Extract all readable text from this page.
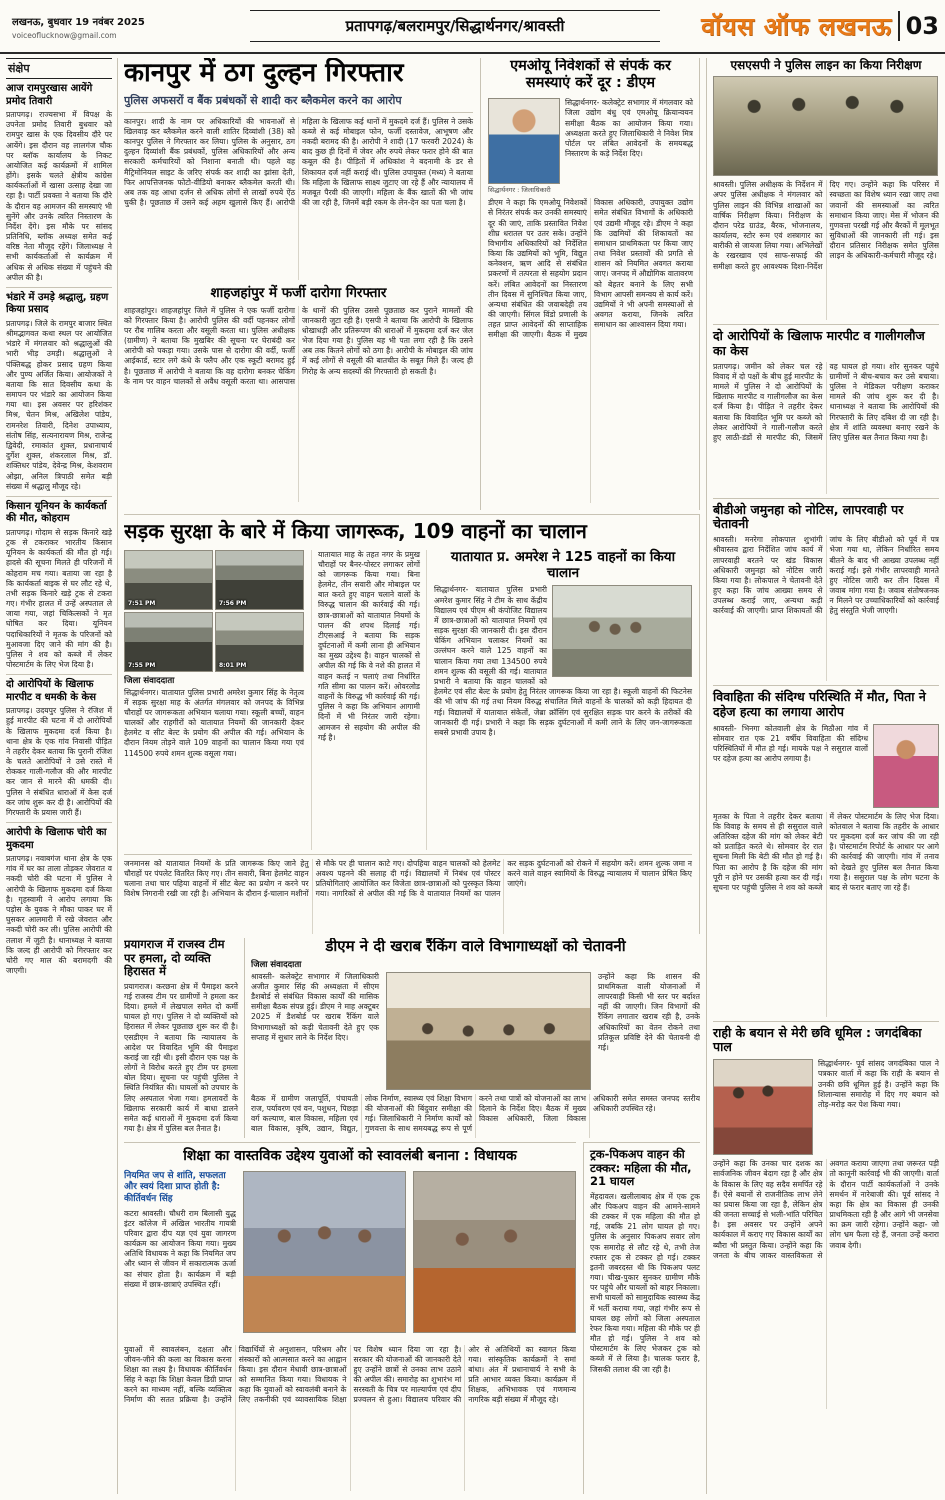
लखनऊ, बुधवार 19 नवंबर 2025
voiceoflucknow@gmail.com
प्रतापगढ़/बलरामपुर/सिद्धार्थनगर/श्रावस्ती	वॉयस ऑफ लखनऊ 03
संक्षेप
आज रामपुरखास आयेंगे प्रमोद तिवारी

प्रतापगढ़। राज्यसभा में विपक्ष के उपनेता प्रमोद तिवारी बुधवार को रामपुर खास के एक दिवसीय दौरे पर आयेंगे। इस दौरान वह लालगंज चौक पर ब्लॉक कार्यालय के निकट आयोजित कई कार्यक्रमों में शामिल होंगे। इसके चलते क्षेत्रीय कांग्रेस कार्यकर्ताओं में खासा उत्साह देखा जा रहा है। पार्टी प्रवक्ता ने बताया कि दौरे के दौरान वह आमजन की समस्याएं भी सुनेंगे और उनके त्वरित निस्तारण के निर्देश देंगे। इस मौके पर सांसद प्रतिनिधि, ब्लॉक अध्यक्ष समेत कई वरिष्ठ नेता मौजूद रहेंगे। जिलाध्यक्ष ने सभी कार्यकर्ताओं से कार्यक्रम में अधिक से अधिक संख्या में पहुंचने की अपील की है।

भंडारे में उमड़े श्रद्धालु, ग्रहण किया प्रसाद

प्रतापगढ़। जिले के रामपुर बाजार स्थित श्रीमद्भागवत कथा स्थल पर आयोजित भंडारे में मंगलवार को श्रद्धालुओं की भारी भीड़ उमड़ी। श्रद्धालुओं ने पंक्तिबद्ध होकर प्रसाद ग्रहण किया और पुण्य अर्जित किया। आयोजकों ने बताया कि सात दिवसीय कथा के समापन पर भंडारे का आयोजन किया गया था। इस अवसर पर हरिशंकर मिश्र, चेतन मिश्र, अखिलेश पांडेय, रामनरेश तिवारी, दिनेश उपाध्याय, संतोष सिंह, सत्यनारायण मिश्र, राजेन्द्र द्विवेदी, रमाकांत शुक्ल, प्रधानाचार्य दुर्गेश शुक्ल, शंकरलाल मिश्र, डॉ. शक्तिधर पांडेय, देवेन्द्र मिश्र, केशवराम ओझा, अनिल त्रिपाठी समेत बड़ी संख्या में श्रद्धालु मौजूद रहे।

किसान यूनियन के कार्यकर्ता की मौत, कोहराम

प्रतापगढ़। गोदाम से सड़क किनारे खड़े ट्रक से टकराकर भारतीय किसान यूनियन के कार्यकर्ता की मौत हो गई। हादसे की सूचना मिलते ही परिजनों में कोहराम मच गया। बताया जा रहा है कि कार्यकर्ता बाइक से घर लौट रहे थे, तभी सड़क किनारे खड़े ट्रक से टकरा गए। गंभीर हालत में उन्हें अस्पताल ले जाया गया, जहां चिकित्सकों ने मृत घोषित कर दिया। यूनियन पदाधिकारियों ने मृतक के परिजनों को मुआवजा दिए जाने की मांग की है। पुलिस ने शव को कब्जे में लेकर पोस्टमार्टम के लिए भेज दिया है।

दो आरोपियों के खिलाफ मारपीट व धमकी के केस

प्रतापगढ़। उदयपुर पुलिस ने रंजिश में हुई मारपीट की घटना में दो आरोपियों के खिलाफ मुकदमा दर्ज किया है। थाना क्षेत्र के एक गांव निवासी पीड़ित ने तहरीर देकर बताया कि पुरानी रंजिश के चलते आरोपियों ने उसे रास्ते में रोककर गाली-गलौज की और मारपीट कर जान से मारने की धमकी दी। पुलिस ने संबंधित धाराओं में केस दर्ज कर जांच शुरू कर दी है। आरोपियों की गिरफ्तारी के प्रयास जारी हैं।

आरोपी के खिलाफ चोरी का मुकदमा

प्रतापगढ़। नवाबगंज थाना क्षेत्र के एक गांव में घर का ताला तोड़कर जेवरात व नकदी चोरी की घटना में पुलिस ने आरोपी के खिलाफ मुकदमा दर्ज किया है। गृहस्वामी ने आरोप लगाया कि पड़ोस के युवक ने मौका पाकर घर में घुसकर आलमारी में रखे जेवरात और नकदी चोरी कर ली। पुलिस आरोपी की तलाश में जुटी है। थानाध्यक्ष ने बताया कि जल्द ही आरोपी को गिरफ्तार कर चोरी गए माल की बरामदगी की जाएगी।

कानपुर में ठग दुल्हन गिरफ्तार
पुलिस अफसरों व बैंक प्रबंधकों से शादी कर ब्लैकमेल करने का आरोप
कानपुर। शादी के नाम पर अधिकारियों की भावनाओं से खिलवाड़ कर ब्लैकमेल करने वाली शातिर दिव्यांशी (38) को कानपुर पुलिस ने गिरफ्तार कर लिया। पुलिस के अनुसार, ठग दुल्हन दिव्यांशी बैंक प्रबंधकों, पुलिस अधिकारियों और अन्य सरकारी कर्मचारियों को निशाना बनाती थी। पहले वह मैट्रिमोनियल साइट के जरिए संपर्क कर शादी का झांसा देती, फिर आपत्तिजनक फोटो-वीडियो बनाकर ब्लैकमेल करती थी। अब तक वह आधा दर्जन से अधिक लोगों से लाखों रुपये ऐंठ चुकी है। पूछताछ में उसने कई अहम खुलासे किए हैं। आरोपी महिला के खिलाफ कई थानों में मुकदमे दर्ज हैं। पुलिस ने उसके कब्जे से कई मोबाइल फोन, फर्जी दस्तावेज, आभूषण और नकदी बरामद की है। आरोपी ने शादी (17 फरवरी 2024) के बाद कुछ ही दिनों में जेवर और रुपये लेकर फरार होने की बात कबूल की है। पीड़ितों में अधिकांश ने बदनामी के डर से शिकायत दर्ज नहीं कराई थी। पुलिस उपायुक्त (मध्य) ने बताया कि महिला के खिलाफ साक्ष्य जुटाए जा रहे हैं और न्यायालय में मजबूत पैरवी की जाएगी। महिला के बैंक खातों की भी जांच की जा रही है, जिनमें बड़ी रकम के लेन-देन का पता चला है।
शाहजहांपुर में फर्जी दारोगा गिरफ्तार
शाहजहांपुर। शाहजहांपुर जिले में पुलिस ने एक फर्जी दारोगा को गिरफ्तार किया है। आरोपी पुलिस की वर्दी पहनकर लोगों पर रौब गालिब करता और वसूली करता था। पुलिस अधीक्षक (ग्रामीण) ने बताया कि मुखबिर की सूचना पर घेराबंदी कर आरोपी को पकड़ा गया। उसके पास से दारोगा की वर्दी, फर्जी आईकार्ड, स्टार लगे कंधे के फ्लैप और एक स्कूटी बरामद हुई है। पूछताछ में आरोपी ने बताया कि वह दारोगा बनकर चेकिंग के नाम पर वाहन चालकों से अवैध वसूली करता था। आसपास के थानों की पुलिस उससे पूछताछ कर पुराने मामलों की जानकारी जुटा रही है। एसपी ने बताया कि आरोपी के खिलाफ धोखाधड़ी और प्रतिरूपण की धाराओं में मुकदमा दर्ज कर जेल भेज दिया गया है। पुलिस यह भी पता लगा रही है कि उसने अब तक कितने लोगों को ठगा है। आरोपी के मोबाइल की जांच में कई लोगों से वसूली की बातचीत के सबूत मिले हैं। जल्द ही गिरोह के अन्य सदस्यों की गिरफ्तारी हो सकती है।
एमओयू निवेशकों से संपर्क कर समस्याएं करें दूर : डीएम
सिद्धार्थनगर : जिलाधिकारी
सिद्धार्थनगर- कलेक्ट्रेट सभागार में मंगलवार को जिला उद्योग बंधु एवं एमओयू क्रियान्वयन समीक्षा बैठक का आयोजन किया गया। अध्यक्षता करते हुए जिलाधिकारी ने निवेश मित्र पोर्टल पर लंबित आवेदनों के समयबद्ध निस्तारण के कड़े निर्देश दिए।
डीएम ने कहा कि एमओयू निवेशकों से निरंतर संपर्क कर उनकी समस्याएं दूर की जाएं, ताकि प्रस्तावित निवेश शीघ्र धरातल पर उतर सके। उन्होंने विभागीय अधिकारियों को निर्देशित किया कि उद्यमियों को भूमि, विद्युत कनेक्शन, ऋण आदि से संबंधित प्रकरणों में तत्परता से सहयोग प्रदान करें। लंबित आवेदनों का निस्तारण तीन दिवस में सुनिश्चित किया जाए, अन्यथा संबंधित की जवाबदेही तय की जाएगी। सिंगल विंडो प्रणाली के तहत प्राप्त आवेदनों की साप्ताहिक समीक्षा की जाएगी। बैठक में मुख्य विकास अधिकारी, उपायुक्त उद्योग समेत संबंधित विभागों के अधिकारी एवं उद्यमी मौजूद रहे। डीएम ने कहा कि उद्यमियों की शिकायतों का समाधान प्राथमिकता पर किया जाए तथा निवेश प्रस्तावों की प्रगति से शासन को नियमित अवगत कराया जाए। जनपद में औद्योगिक वातावरण को बेहतर बनाने के लिए सभी विभाग आपसी समन्वय से कार्य करें। उद्यमियों ने भी अपनी समस्याओं से अवगत कराया, जिनके त्वरित समाधान का आश्वासन दिया गया।
एसएसपी ने पुलिस लाइन का किया निरीक्षण
श्रावस्ती। पुलिस अधीक्षक के निर्देशन में अपर पुलिस अधीक्षक ने मंगलवार को पुलिस लाइन की विभिन्न शाखाओं का वार्षिक निरीक्षण किया। निरीक्षण के दौरान परेड ग्राउंड, बैरक, भोजनालय, कार्यालय, स्टोर रूम एवं शस्त्रागार का बारीकी से जायजा लिया गया। अभिलेखों के रखरखाव एवं साफ-सफाई की समीक्षा करते हुए आवश्यक दिशा-निर्देश दिए गए। उन्होंने कहा कि परिसर में स्वच्छता का विशेष ध्यान रखा जाए तथा जवानों की समस्याओं का त्वरित समाधान किया जाए। मेस में भोजन की गुणवत्ता परखी गई और बैरकों में मूलभूत सुविधाओं की जानकारी ली गई। इस दौरान प्रतिसार निरीक्षक समेत पुलिस लाइन के अधिकारी-कर्मचारी मौजूद रहे।
दो आरोपियों के खिलाफ मारपीट व गालीगलौज का केस
प्रतापगढ़। जमीन को लेकर चल रहे विवाद में दो पक्षों के बीच हुई मारपीट के मामले में पुलिस ने दो आरोपियों के खिलाफ मारपीट व गालीगलौज का केस दर्ज किया है। पीड़ित ने तहरीर देकर बताया कि विवादित भूमि पर कब्जे को लेकर आरोपियों ने गाली-गलौज करते हुए लाठी-डंडों से मारपीट की, जिसमें वह घायल हो गया। शोर सुनकर पहुंचे ग्रामीणों ने बीच-बचाव कर उसे बचाया। पुलिस ने मेडिकल परीक्षण कराकर मामले की जांच शुरू कर दी है। थानाध्यक्ष ने बताया कि आरोपियों की गिरफ्तारी के लिए दबिश दी जा रही है। क्षेत्र में शांति व्यवस्था बनाए रखने के लिए पुलिस बल तैनात किया गया है।
बीडीओ जमुनहा को नोटिस, लापरवाही पर चेतावनी
श्रावस्ती। मनरेगा लोकपाल शुभांगी श्रीवास्तव द्वारा निर्देशित जांच कार्य में लापरवाही बरतने पर खंड विकास अधिकारी जमुनहा को नोटिस जारी किया गया है। लोकपाल ने चेतावनी देते हुए कहा कि जांच आख्या समय से उपलब्ध कराई जाए, अन्यथा कड़ी कार्रवाई की जाएगी। प्राप्त शिकायतों की जांच के लिए बीडीओ को पूर्व में पत्र भेजा गया था, लेकिन निर्धारित समय बीतने के बाद भी आख्या उपलब्ध नहीं कराई गई। इसे गंभीर लापरवाही मानते हुए नोटिस जारी कर तीन दिवस में जवाब मांगा गया है। जवाब संतोषजनक न मिलने पर उच्चाधिकारियों को कार्रवाई हेतु संस्तुति भेजी जाएगी।
विवाहिता की संदिग्ध परिस्थिति में मौत, पिता ने दहेज हत्या का लगाया आरोप
श्रावस्ती- भिनगा कोतवाली क्षेत्र के मिठौआ गांव में सोमवार रात एक 21 वर्षीय विवाहिता की संदिग्ध परिस्थितियों में मौत हो गई। मायके पक्ष ने ससुराल वालों पर दहेज हत्या का आरोप लगाया है।
मृतका के पिता ने तहरीर देकर बताया कि विवाह के समय से ही ससुराल वाले अतिरिक्त दहेज की मांग को लेकर बेटी को प्रताड़ित करते थे। सोमवार देर रात सूचना मिली कि बेटी की मौत हो गई है। पिता का आरोप है कि दहेज की मांग पूरी न होने पर उसकी हत्या कर दी गई। सूचना पर पहुंची पुलिस ने शव को कब्जे में लेकर पोस्टमार्टम के लिए भेज दिया। कोतवाल ने बताया कि तहरीर के आधार पर मुकदमा दर्ज कर जांच की जा रही है। पोस्टमार्टम रिपोर्ट के आधार पर आगे की कार्रवाई की जाएगी। गांव में तनाव को देखते हुए पुलिस बल तैनात किया गया है। ससुराल पक्ष के लोग घटना के बाद से फरार बताए जा रहे हैं।
राही के बयान से मेरी छवि धूमिल : जगदंबिका पाल
सिद्धार्थनगर- पूर्व सांसद जगदंबिका पाल ने पत्रकार वार्ता में कहा कि राही के बयान से उनकी छवि धूमिल हुई है। उन्होंने कहा कि शिलान्यास समारोह में दिए गए बयान को तोड़-मरोड़ कर पेश किया गया।
उन्होंने कहा कि उनका चार दशक का सार्वजनिक जीवन बेदाग रहा है और क्षेत्र के विकास के लिए वह सदैव समर्पित रहे हैं। ऐसे बयानों से राजनीतिक लाभ लेने का प्रयास किया जा रहा है, लेकिन क्षेत्र की जनता सच्चाई से भली-भांति परिचित है। इस अवसर पर उन्होंने अपने कार्यकाल में कराए गए विकास कार्यों का ब्यौरा भी प्रस्तुत किया। उन्होंने कहा कि जनता के बीच जाकर वास्तविकता से अवगत कराया जाएगा तथा जरूरत पड़ी तो कानूनी कार्रवाई भी की जाएगी। वार्ता के दौरान पार्टी कार्यकर्ताओं ने उनके समर्थन में नारेबाजी की। पूर्व सांसद ने कहा कि क्षेत्र का विकास ही उनकी प्राथमिकता रही है और आगे भी जनसेवा का क्रम जारी रहेगा। उन्होंने कहा- जो लोग भ्रम फैला रहे हैं, जनता उन्हें करारा जवाब देगी।
सड़क सुरक्षा के बारे में किया जागरूक, 109 वाहनों का चालान
7:51 PM	7:56 PM
7:55 PM	8:01 PM
जिला संवाददाता
सिद्धार्थनगर। यातायात पुलिस प्रभारी अमरेश कुमार सिंह के नेतृत्व में सड़क सुरक्षा माह के अंतर्गत मंगलवार को जनपद के विभिन्न चौराहों पर जागरूकता अभियान चलाया गया। स्कूली बच्चों, वाहन चालकों और राहगीरों को यातायात नियमों की जानकारी देकर हेलमेट व सीट बेल्ट के प्रयोग की अपील की गई। अभियान के दौरान नियम तोड़ने वाले 109 वाहनों का चालान किया गया एवं 114500 रुपये शमन शुल्क वसूला गया।
यातायात माह के तहत नगर के प्रमुख चौराहों पर बैनर-पोस्टर लगाकर लोगों को जागरूक किया गया। बिना हेलमेट, तीन सवारी और मोबाइल पर बात करते हुए वाहन चलाने वालों के विरुद्ध चालान की कार्रवाई की गई। छात्र-छात्राओं को यातायात नियमों के पालन की शपथ दिलाई गई। टीएसआई ने बताया कि सड़क दुर्घटनाओं में कमी लाना ही अभियान का मुख्य उद्देश्य है। वाहन चालकों से अपील की गई कि वे नशे की हालत में वाहन कतई न चलाएं तथा निर्धारित गति सीमा का पालन करें। ओवरलोड वाहनों के विरुद्ध भी कार्रवाई की गई। पुलिस ने कहा कि अभियान आगामी दिनों में भी निरंतर जारी रहेगा। आमजन से सहयोग की अपील की गई है।
यातायात प्र. अमरेश ने 125 वाहनों का किया चालान
सिद्धार्थनगर- यातायात पुलिस प्रभारी अमरेश कुमार सिंह ने टीम के साथ केंद्रीय विद्यालय एवं पीएम श्री कंपोजिट विद्यालय में छात्र-छात्राओं को यातायात नियमों एवं सड़क सुरक्षा की जानकारी दी। इस दौरान चेकिंग अभियान चलाकर नियमों का उल्लंघन करने वाले 125 वाहनों का चालान किया गया तथा 134500 रुपये शमन शुल्क की वसूली की गई। यातायात प्रभारी ने बताया कि वाहन चालकों को हेलमेट एवं सीट बेल्ट के प्रयोग हेतु निरंतर जागरूक किया जा रहा है। स्कूली वाहनों की फिटनेस की भी जांच की गई तथा नियम विरुद्ध संचालित मिले वाहनों के चालकों को कड़ी हिदायत दी गई। विद्यालयों में यातायात संकेतों, जेब्रा क्रॉसिंग एवं सुरक्षित सड़क पार करने के तरीकों की जानकारी दी गई। प्रभारी ने कहा कि सड़क दुर्घटनाओं में कमी लाने के लिए जन-जागरूकता सबसे प्रभावी उपाय है।
जनमानस को यातायात नियमों के प्रति जागरूक किए जाने हेतु चौराहों पर पंपलेट वितरित किए गए। तीन सवारी, बिना हेलमेट वाहन चलाना तथा चार पहिया वाहनों में सीट बेल्ट का प्रयोग न करने पर विशेष निगरानी रखी जा रही है। अभियान के दौरान ई-चालान मशीनों से मौके पर ही चालान काटे गए। दोपहिया वाहन चालकों को हेलमेट अवश्य पहनने की सलाह दी गई। विद्यालयों में निबंध एवं पोस्टर प्रतियोगिताएं आयोजित कर विजेता छात्र-छात्राओं को पुरस्कृत किया गया। नागरिकों से अपील की गई कि वे यातायात नियमों का पालन कर सड़क दुर्घटनाओं को रोकने में सहयोग करें। शमन शुल्क जमा न करने वाले वाहन स्वामियों के विरुद्ध न्यायालय में चालान प्रेषित किए जाएंगे।
प्रयागराज में राजस्व टीम पर हमला, दो व्यक्ति हिरासत में
प्रयागराज। करछना क्षेत्र में पैमाइश करने गई राजस्व टीम पर ग्रामीणों ने हमला कर दिया। हमले में लेखपाल समेत दो कर्मी घायल हो गए। पुलिस ने दो व्यक्तियों को हिरासत में लेकर पूछताछ शुरू कर दी है। एसडीएम ने बताया कि न्यायालय के आदेश पर विवादित भूमि की पैमाइश कराई जा रही थी। इसी दौरान एक पक्ष के लोगों ने विरोध करते हुए टीम पर हमला बोल दिया। सूचना पर पहुंची पुलिस ने स्थिति नियंत्रित की। घायलों को उपचार के लिए अस्पताल भेजा गया। हमलावरों के खिलाफ सरकारी कार्य में बाधा डालने समेत कई धाराओं में मुकदमा दर्ज किया गया है। क्षेत्र में पुलिस बल तैनात है।
डीएम ने दी खराब रैंकिंग वाले विभागाध्यक्षों को चेतावनी
जिला संवाददाता
श्रावस्ती- कलेक्ट्रेट सभागार में जिलाधिकारी अजीत कुमार सिंह की अध्यक्षता में सीएम डैशबोर्ड से संबंधित विकास कार्यों की मासिक समीक्षा बैठक संपन्न हुई। डीएम ने माह अक्टूबर 2025 में डैशबोर्ड पर खराब रैंकिंग वाले विभागाध्यक्षों को कड़ी चेतावनी देते हुए एक सप्ताह में सुधार लाने के निर्देश दिए।
उन्होंने कहा कि शासन की प्राथमिकता वाली योजनाओं में लापरवाही किसी भी स्तर पर बर्दाश्त नहीं की जाएगी। जिन विभागों की रैंकिंग लगातार खराब रही है, उनके अधिकारियों का वेतन रोकने तथा प्रतिकूल प्रविष्टि देने की चेतावनी दी गई।
बैठक में ग्रामीण जलापूर्ति, पंचायती राज, पर्यावरण एवं वन, पशुधन, पिछड़ा वर्ग कल्याण, बाल विकास, महिला एवं बाल विकास, कृषि, उद्यान, विद्युत, लोक निर्माण, स्वास्थ्य एवं शिक्षा विभाग की योजनाओं की बिंदुवार समीक्षा की गई। जिलाधिकारी ने निर्माण कार्यों को गुणवत्ता के साथ समयबद्ध रूप से पूर्ण करने तथा पात्रों को योजनाओं का लाभ दिलाने के निर्देश दिए। बैठक में मुख्य विकास अधिकारी, जिला विकास अधिकारी समेत समस्त जनपद स्तरीय अधिकारी उपस्थित रहे।
शिक्षा का वास्तविक उद्देश्य युवाओं को स्वावलंबी बनाना : विधायक
नियमित जप से शांति, सफलता और स्वयं दिशा प्राप्त होती है: कीर्तिवर्धन सिंह
कटरा श्रावस्ती। चौधरी राम बिलासी युद्ध इंटर कॉलेज में अखिल भारतीय गायत्री परिवार द्वारा दीप यज्ञ एवं युवा जागरण कार्यक्रम का आयोजन किया गया। मुख्य अतिथि विधायक ने कहा कि नियमित जप और ध्यान से जीवन में सकारात्मक ऊर्जा का संचार होता है। कार्यक्रम में बड़ी संख्या में छात्र-छात्राएं उपस्थित रहीं।
युवाओं में स्वावलंबन, दक्षता और जीवन-जीने की कला का विकास करना शिक्षा का लक्ष्य है। विधायक कीर्तिवर्धन सिंह ने कहा कि शिक्षा केवल डिग्री प्राप्त करने का माध्यम नहीं, बल्कि व्यक्तित्व निर्माण की सतत प्रक्रिया है। उन्होंने विद्यार्थियों से अनुशासन, परिश्रम और संस्कारों को आत्मसात करने का आह्वान किया। इस दौरान मेधावी छात्र-छात्राओं को सम्मानित किया गया। विधायक ने कहा कि युवाओं को स्वावलंबी बनाने के लिए तकनीकी एवं व्यावसायिक शिक्षा पर विशेष ध्यान दिया जा रहा है। सरकार की योजनाओं की जानकारी देते हुए उन्होंने छात्रों से उनका लाभ उठाने की अपील की। समारोह का शुभारंभ मां सरस्वती के चित्र पर माल्यार्पण एवं दीप प्रज्वलन से हुआ। विद्यालय परिवार की ओर से अतिथियों का स्वागत किया गया। सांस्कृतिक कार्यक्रमों ने समां बांधा। अंत में प्रधानाचार्य ने सभी के प्रति आभार व्यक्त किया। कार्यक्रम में शिक्षक, अभिभावक एवं गणमान्य नागरिक बड़ी संख्या में मौजूद रहे।
ट्रक-पिकअप वाहन की टक्कर: महिला की मौत, 21 घायल
मेंहदावल। खलीलाबाद क्षेत्र में एक ट्रक और पिकअप वाहन की आमने-सामने की टक्कर में एक महिला की मौत हो गई, जबकि 21 लोग घायल हो गए। पुलिस के अनुसार पिकअप सवार लोग एक समारोह से लौट रहे थे, तभी तेज रफ्तार ट्रक से टक्कर हो गई। टक्कर इतनी जबरदस्त थी कि पिकअप पलट गया। चीख-पुकार सुनकर ग्रामीण मौके पर पहुंचे और घायलों को बाहर निकाला। सभी घायलों को सामुदायिक स्वास्थ्य केंद्र में भर्ती कराया गया, जहां गंभीर रूप से घायल छह लोगों को जिला अस्पताल रेफर किया गया। महिला की मौके पर ही मौत हो गई। पुलिस ने शव को पोस्टमार्टम के लिए भेजकर ट्रक को कब्जे में ले लिया है। चालक फरार है, जिसकी तलाश की जा रही है।
